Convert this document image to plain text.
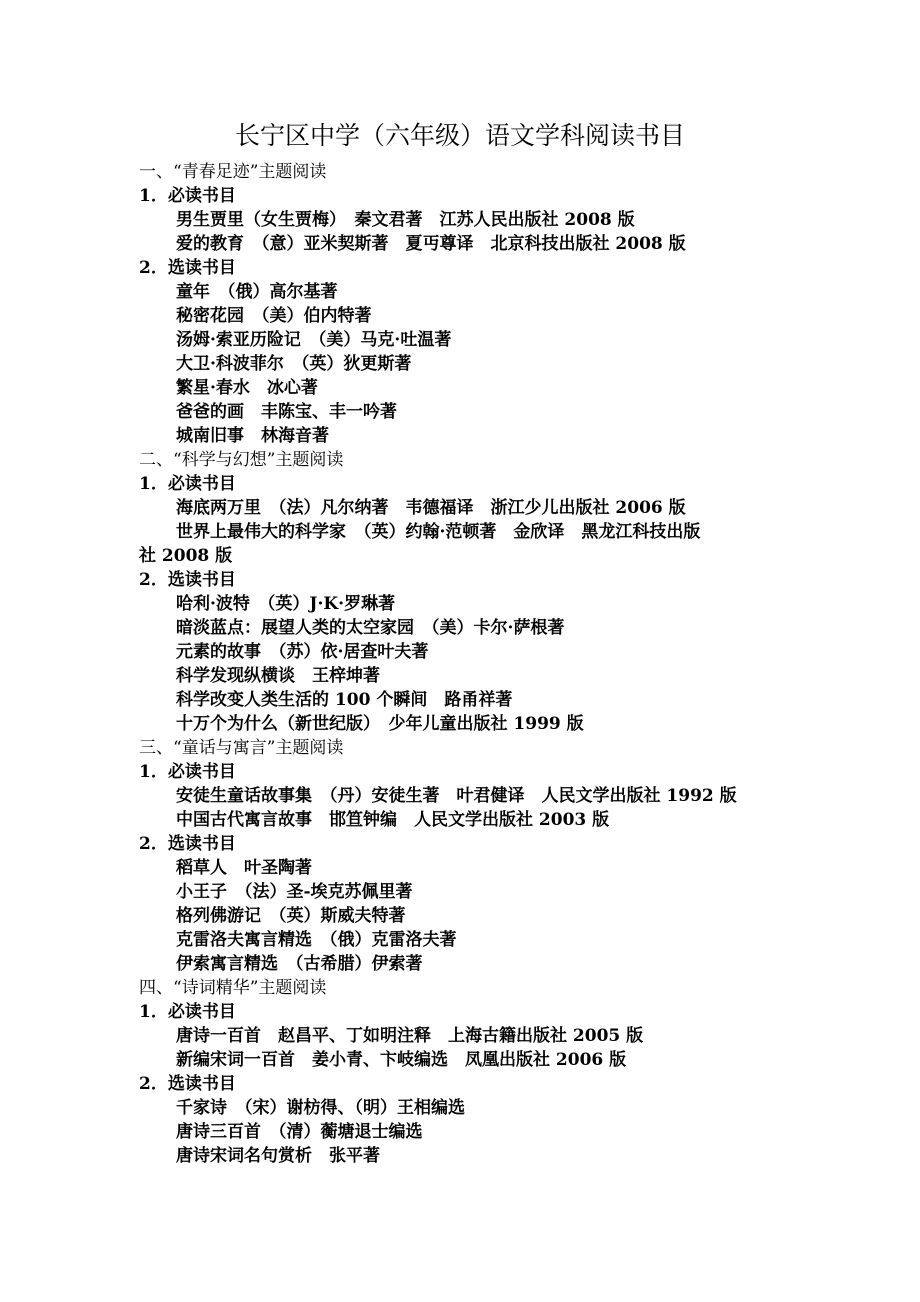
长宁区中学（六年级）语文学科阅读书目
一、“青春足迹”主题阅读
1．必读书目
男生贾里（女生贾梅）　秦文君著　江苏人民出版社 2008 版
爱的教育　（意）亚米契斯著　夏丏尊译　北京科技出版社 2008 版
2．选读书目
童年　（俄）高尔基著
秘密花园　（美）伯内特著
汤姆·索亚历险记　（美）马克·吐温著
大卫·科波菲尔　（英）狄更斯著
繁星·春水　冰心著
爸爸的画　丰陈宝、丰一吟著
城南旧事　林海音著
二、“科学与幻想”主题阅读
1．必读书目
海底两万里　（法）凡尔纳著　韦德福译　浙江少儿出版社 2006 版
世界上最伟大的科学家　（英）约翰·范顿著　金欣译　黑龙江科技出版
社 2008 版
2．选读书目
哈利·波特　（英）J·K·罗琳著
暗淡蓝点：展望人类的太空家园　（美）卡尔·萨根著
元素的故事　（苏）依·居查叶夫著
科学发现纵横谈　王梓坤著
科学改变人类生活的 100 个瞬间　路甬祥著
十万个为什么（新世纪版）　少年儿童出版社 1999 版
三、“童话与寓言”主题阅读
1．必读书目
安徒生童话故事集　（丹）安徒生著　叶君健译　人民文学出版社 1992 版
中国古代寓言故事　邯笪钟编　人民文学出版社 2003 版
2．选读书目
稻草人　叶圣陶著
小王子　（法）圣-埃克苏佩里著
格列佛游记　（英）斯威夫特著
克雷洛夫寓言精选　（俄）克雷洛夫著
伊索寓言精选　（古希腊）伊索著
四、“诗词精华”主题阅读
1．必读书目
唐诗一百首　赵昌平、丁如明注释　上海古籍出版社 2005 版
新编宋词一百首　姜小青、卞岐编选　凤凰出版社 2006 版
2．选读书目
千家诗　（宋）谢枋得、（明）王相编选
唐诗三百首　（清）蘅塘退士编选
唐诗宋词名句赏析　张平著
